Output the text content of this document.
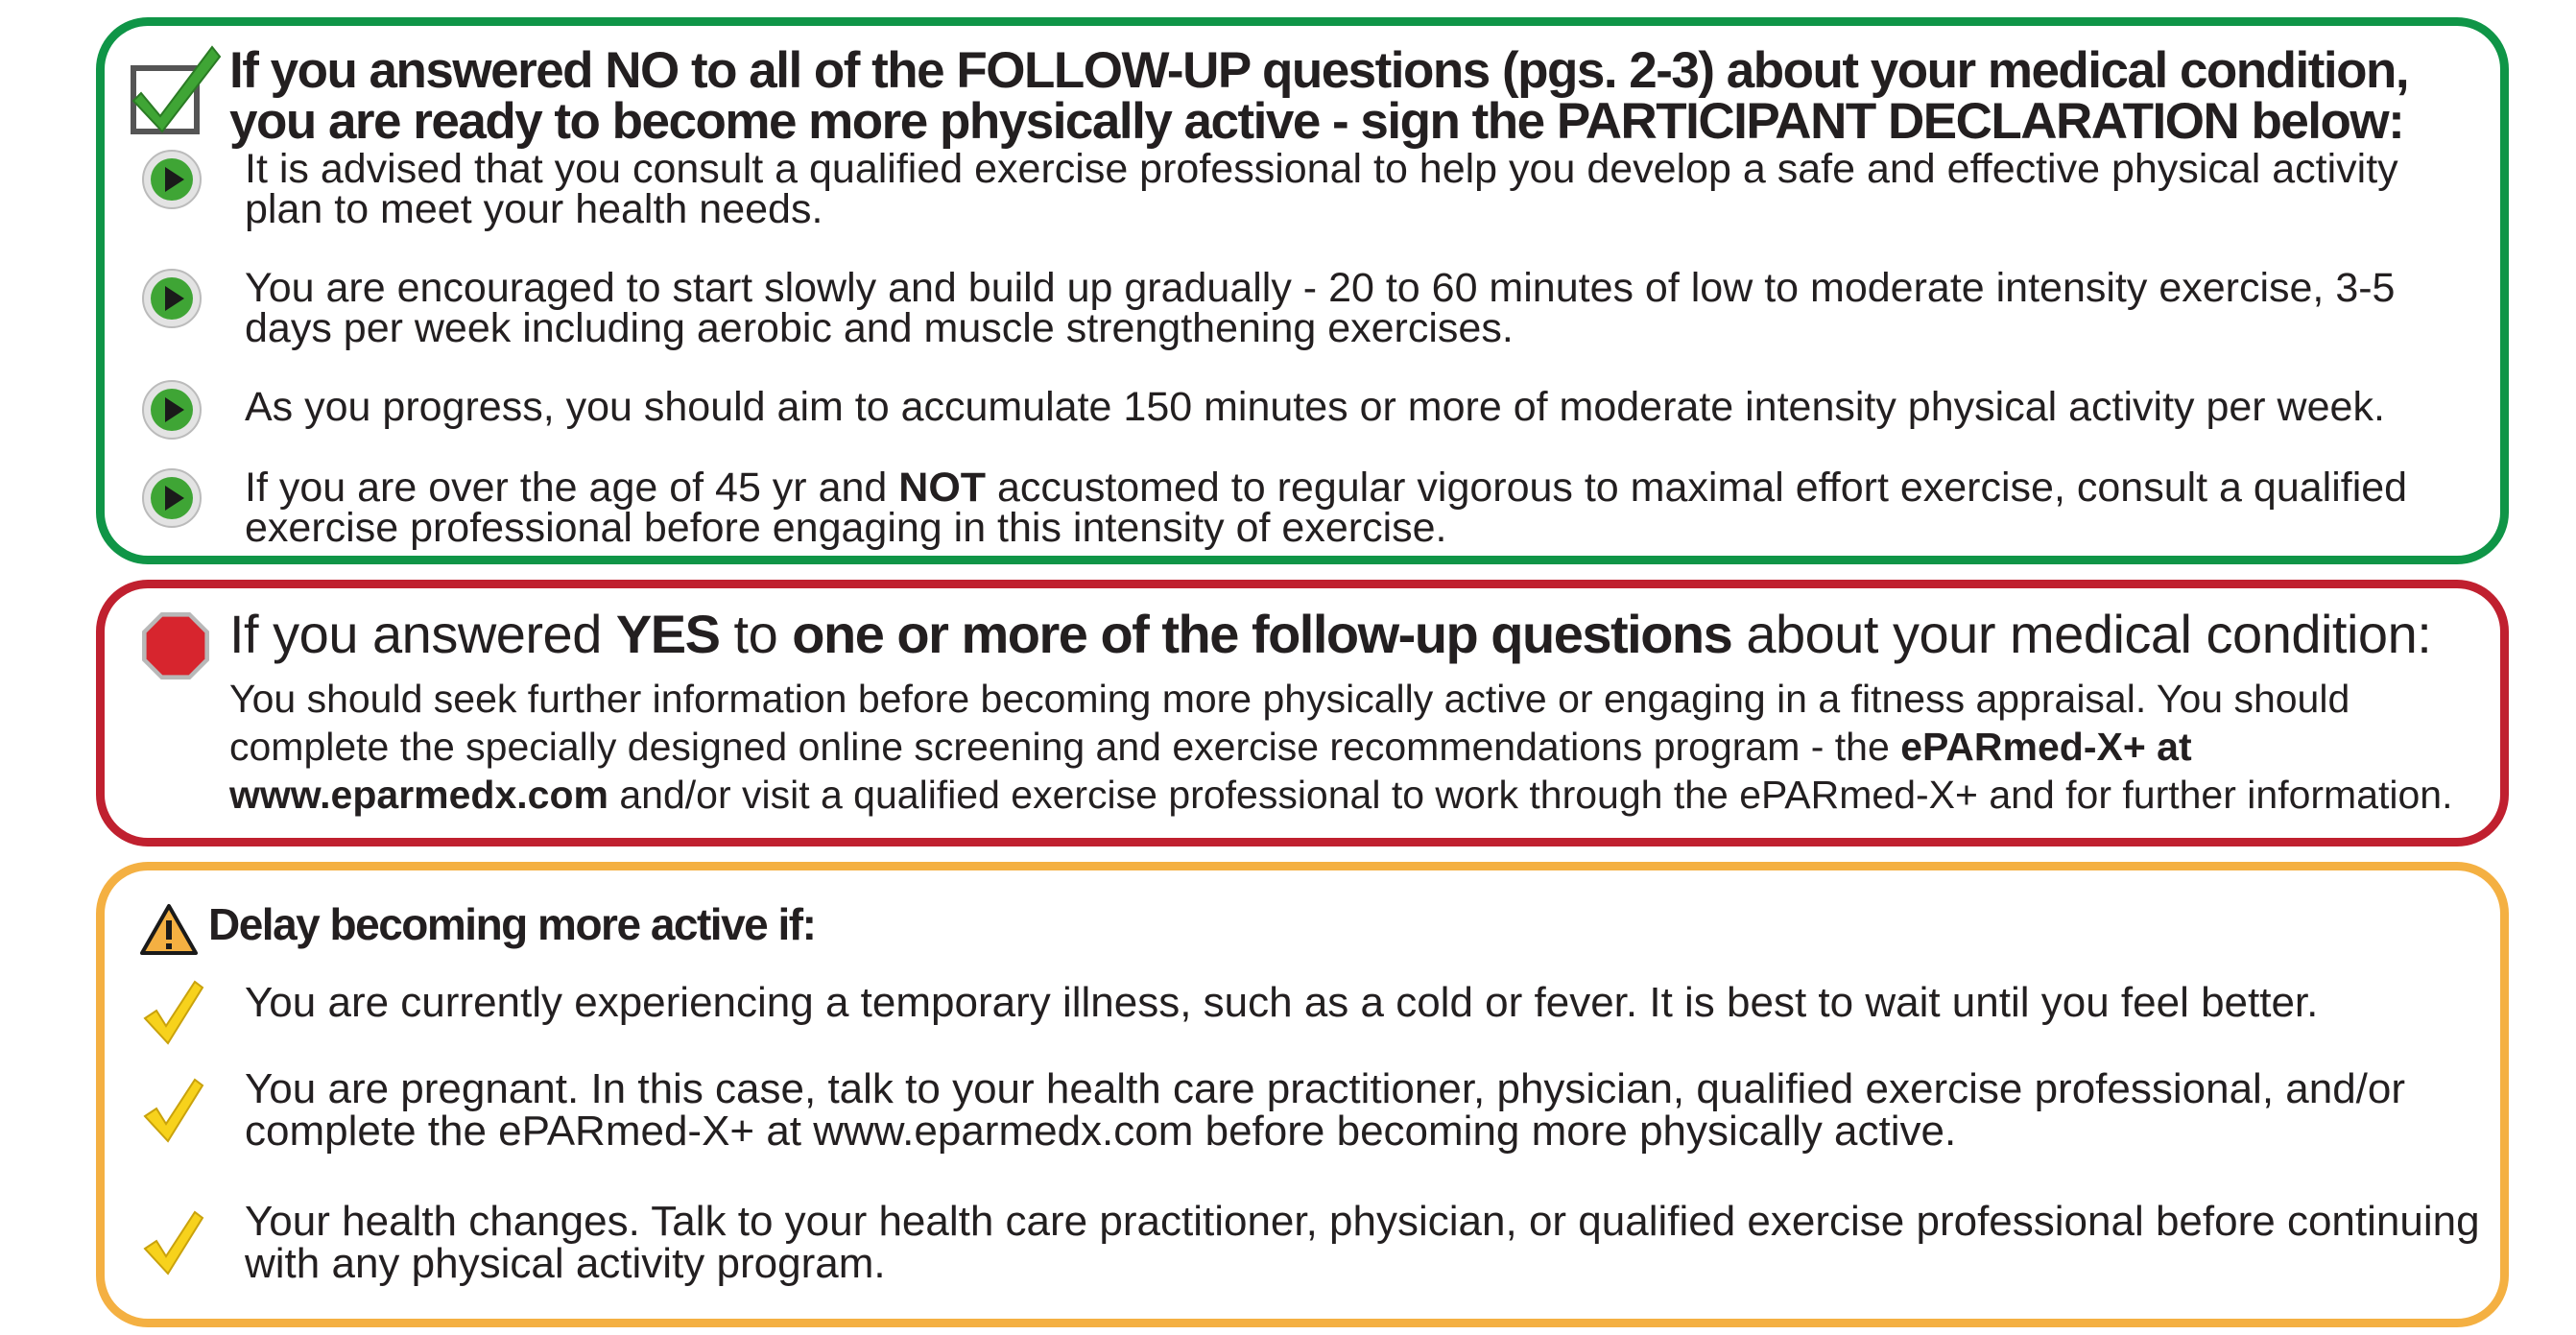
If you answered NO to all of the FOLLOW-UP questions (pgs. 2-3) about your medical condition,
you are ready to become more physically active - sign the PARTICIPANT DECLARATION below:
It is advised that you consult a qualified exercise professional to help you develop a safe and effective physical activity plan to meet your health needs.
You are encouraged to start slowly and build up gradually - 20 to 60 minutes of low to moderate intensity exercise, 3-5 days per week including aerobic and muscle strengthening exercises.
As you progress, you should aim to accumulate 150 minutes or more of moderate intensity physical activity per week.
If you are over the age of 45 yr and NOT accustomed to regular vigorous to maximal effort exercise, consult a qualified exercise professional before engaging in this intensity of exercise.
If you answered YES to one or more of the follow-up questions about your medical condition:
You should seek further information before becoming more physically active or engaging in a fitness appraisal. You should complete the specially designed online screening and exercise recommendations program - the ePARmed-X+ at www.eparmedx.com and/or visit a qualified exercise professional to work through the ePARmed-X+ and for further information.
Delay becoming more active if:
You are currently experiencing a temporary illness, such as a cold or fever. It is best to wait until you feel better.
You are pregnant. In this case, talk to your health care practitioner, physician, qualified exercise professional, and/or complete the ePARmed-X+ at www.eparmedx.com before becoming more physically active.
Your health changes. Talk to your health care practitioner, physician, or qualified exercise professional before continuing with any physical activity program.
